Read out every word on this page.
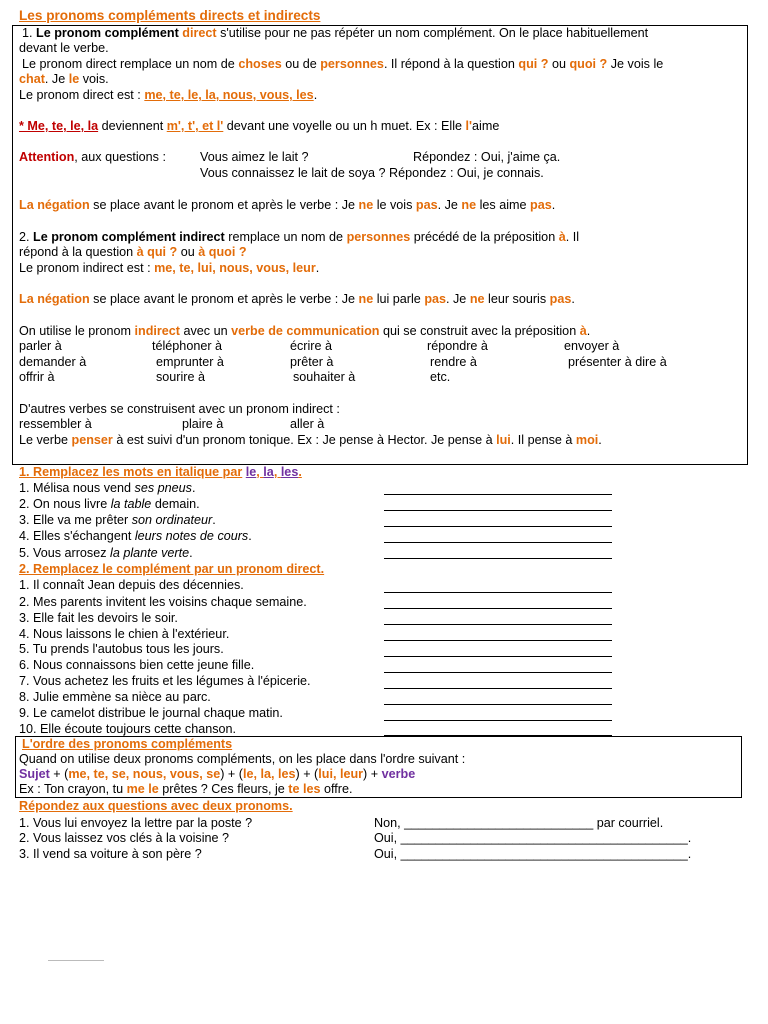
Les pronoms compléments directs et indirects
1. Le pronom complément direct s'utilise pour ne pas répéter un nom complément. On le place habituellement
devant le verbe.
Le pronom direct remplace un nom de choses ou de personnes. Il répond à la question qui ? ou quoi ? Je vois le
chat. Je le vois.
Le pronom direct est : me, te, le, la, nous, vous, les.
* Me, te, le, la deviennent m', t', et l' devant une voyelle ou un h muet. Ex : Elle l'aime
Attention, aux questions :	Vous aimez le lait ?	Répondez : Oui, j'aime ça.
Vous connaissez le lait de soya ? Répondez : Oui, je connais.
La négation se place avant le pronom et après le verbe : Je ne le vois pas. Je ne les aime pas.
2. Le pronom complément indirect remplace un nom de personnes précédé de la préposition à. Il
répond à la question à qui ? ou à quoi ?
Le pronom indirect est : me, te, lui, nous, vous, leur.
La négation se place avant le pronom et après le verbe : Je ne lui parle pas. Je ne leur souris pas.
On utilise le pronom indirect avec un verbe de communication qui se construit avec la préposition à.
parler à	téléphoner à	écrire à	répondre à	envoyer à
demander à	emprunter à	prêter à	rendre à	présenter à dire à
offrir à	sourire à	souhaiter à	etc.
D'autres verbes se construisent avec un pronom indirect :
ressembler à	plaire à	aller à
Le verbe penser à est suivi d'un pronom tonique. Ex : Je pense à Hector. Je pense à lui. Il pense à moi.
1. Remplacez les mots en italique par le, la, les.
1. Mélisa nous vend ses pneus.
2. On nous livre la table demain.
3. Elle va me prêter son ordinateur.
4. Elles s'échangent leurs notes de cours.
5. Vous arrosez la plante verte.
2. Remplacez le complément par un pronom direct.
1. Il connaît Jean depuis des décennies.
2. Mes parents invitent les voisins chaque semaine.
3. Elle fait les devoirs le soir.
4. Nous laissons le chien à l'extérieur.
5. Tu prends l'autobus tous les jours.
6. Nous connaissons bien cette jeune fille.
7. Vous achetez les fruits et les légumes à l'épicerie.
8. Julie emmène sa nièce au parc.
9. Le camelot distribue le journal chaque matin.
10. Elle écoute toujours cette chanson.
L'ordre des pronoms compléments
Quand on utilise deux pronoms compléments, on les place dans l'ordre suivant :
Sujet + (me, te, se, nous, vous, se) + (le, la, les) + (lui, leur) + verbe
Ex : Ton crayon, tu me le prêtes ? Ces fleurs, je te les offre.
Répondez aux questions avec deux pronoms.
1. Vous lui envoyez la lettre par la poste ?	Non, ___________________________ par courriel.
2. Vous laissez vos clés à la voisine ?	Oui, _________________________________________.
3. Il vend sa voiture à son père ?	Oui, _________________________________________.
